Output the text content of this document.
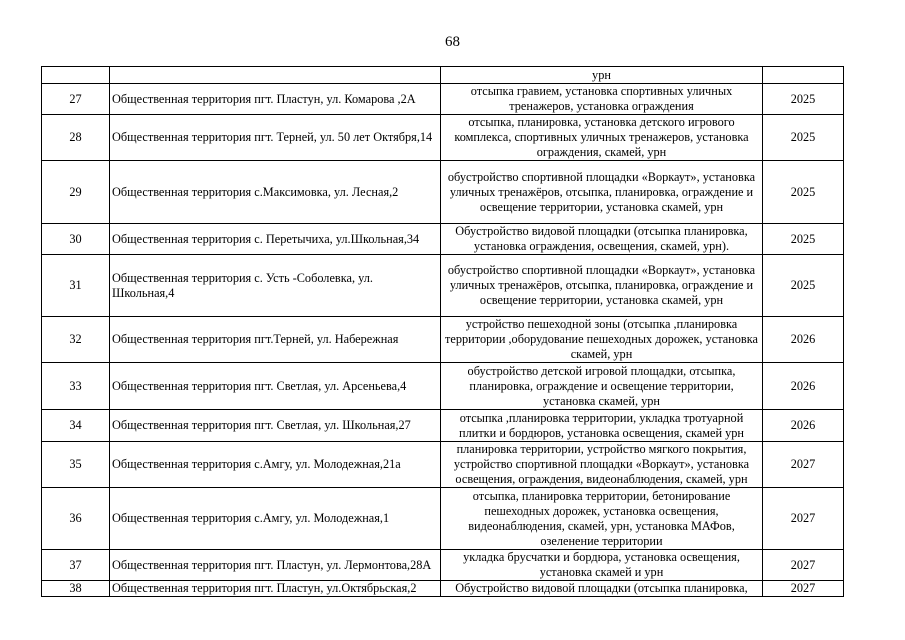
68
		урн	
27	Общественная территория пгт. Пластун, ул. Комарова ,2А	отсыпка гравием, установка спортивных уличных тренажеров, установка ограждения	2025
28	Общественная территория пгт. Терней, ул. 50 лет Октября,14	отсыпка, планировка, установка детского игрового комплекса, спортивных уличных тренажеров, установка ограждения, скамей, урн	2025
29	Общественная территория с.Максимовка, ул. Лесная,2	обустройство спортивной площадки «Воркаут», установка уличных тренажёров, отсыпка, планировка, ограждение и освещение территории, установка скамей, урн	2025
30	Общественная территория с. Перетычиха, ул.Школьная,34	Обустройство видовой площадки (отсыпка планировка, установка ограждения, освещения, скамей, урн).	2025
31	Общественная территория с. Усть -Соболевка, ул. Школьная,4	обустройство спортивной площадки «Воркаут», установка уличных тренажёров, отсыпка, планировка, ограждение и освещение территории, установка скамей, урн	2025
32	Общественная территория пгт.Терней, ул. Набережная	устройство пешеходной зоны (отсыпка ,планировка территории ,оборудование пешеходных дорожек, установка скамей, урн	2026
33	Общественная территория пгт. Светлая, ул. Арсеньева,4	обустройство детской игровой площадки, отсыпка, планировка, ограждение и освещение территории, установка скамей, урн	2026
34	Общественная территория пгт. Светлая, ул. Школьная,27	отсыпка ,планировка территории, укладка тротуарной плитки и бордюров, установка освещения, скамей урн	2026
35	Общественная территория с.Амгу, ул. Молодежная,21а	планировка территории, устройство мягкого покрытия, устройство спортивной площадки «Воркаут», установка освещения, ограждения, видеонаблюдения, скамей, урн	2027
36	Общественная территория с.Амгу, ул. Молодежная,1	отсыпка, планировка территории, бетонирование пешеходных дорожек, установка освещения, видеонаблюдения, скамей, урн, установка МАФов, озеленение территории	2027
37	Общественная территория пгт. Пластун, ул. Лермонтова,28А	укладка брусчатки и бордюра, установка освещения, установка скамей и урн	2027
38	Общественная территория пгт. Пластун, ул.Октябрьская,2	Обустройство видовой площадки (отсыпка планировка,	2027
